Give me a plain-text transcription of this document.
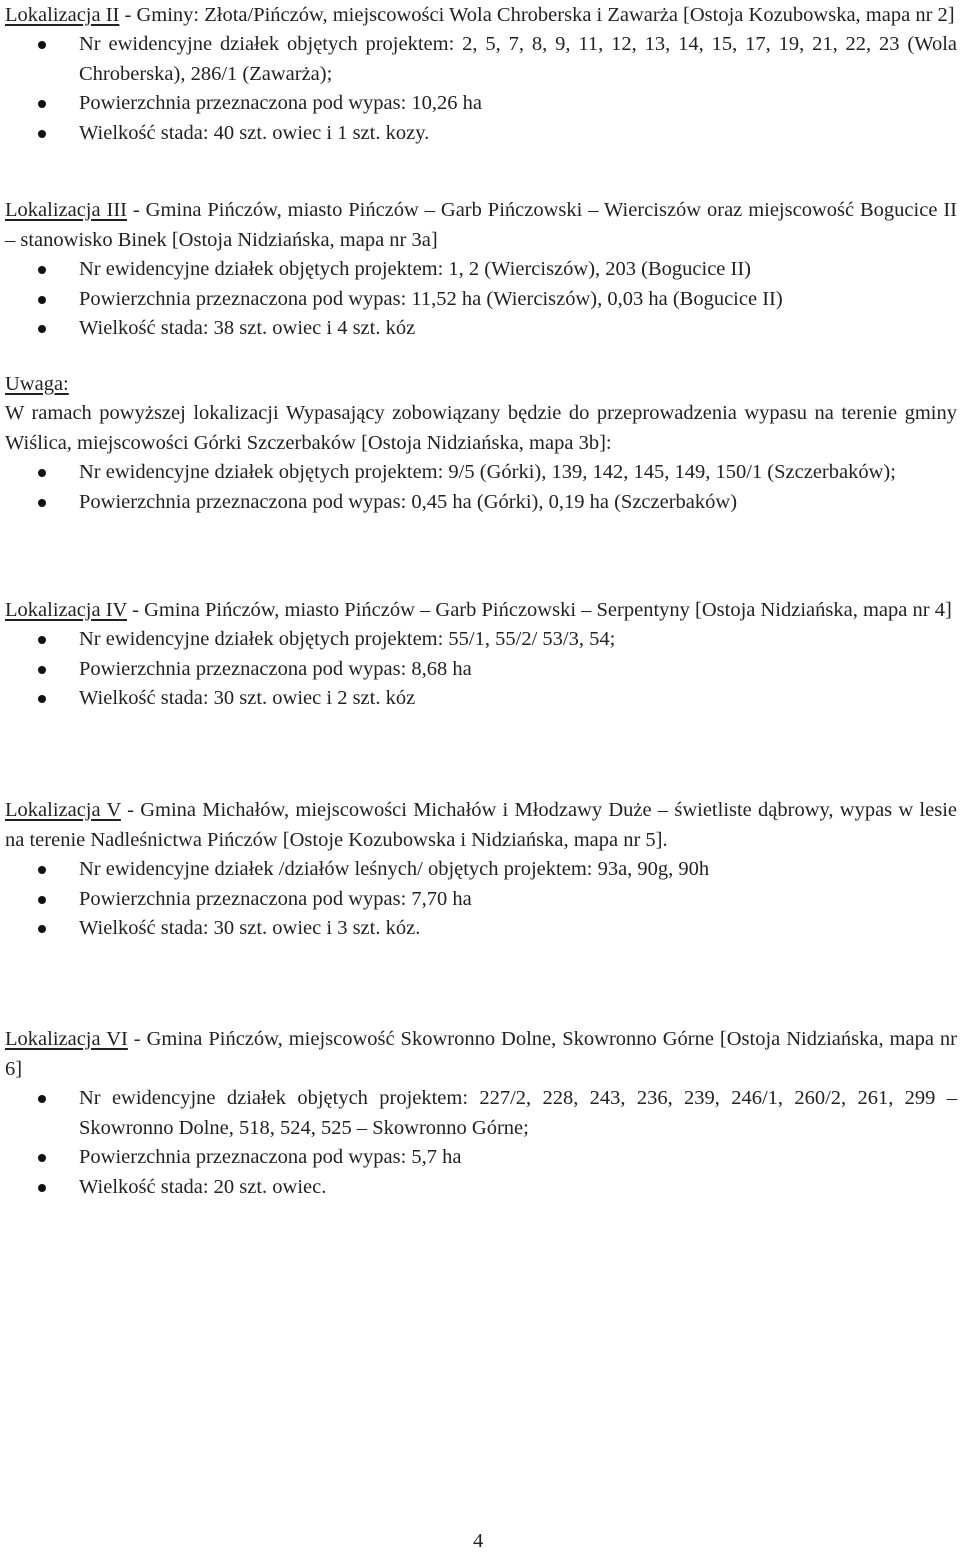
Lokalizacja II - Gminy: Złota/Pińczów, miejscowości Wola Chroberska i Zawarża [Ostoja Kozubowska, mapa nr 2]

Nr ewidencyjne działek objętych projektem: 2, 5, 7, 8, 9, 11, 12, 13, 14, 15, 17, 19, 21, 22, 23 (Wola Chroberska), 286/1 (Zawarża);
Powierzchnia przeznaczona pod wypas: 10,26 ha
Wielkość stada: 40 szt. owiec i 1 szt. kozy.

Lokalizacja III - Gmina Pińczów, miasto Pińczów – Garb Pińczowski – Wierciszów oraz miejscowość Bogucice II – stanowisko Binek [Ostoja Nidziańska, mapa nr 3a]

Nr ewidencyjne działek objętych projektem: 1, 2 (Wierciszów), 203 (Bogucice II)
Powierzchnia przeznaczona pod wypas: 11,52 ha (Wierciszów), 0,03 ha (Bogucice II)
Wielkość stada: 38 szt. owiec i 4 szt. kóz

Uwaga:

W ramach powyższej lokalizacji Wypasający zobowiązany będzie do przeprowadzenia wypasu na terenie gminy Wiślica, miejscowości Górki Szczerbaków [Ostoja Nidziańska, mapa 3b]:

Nr ewidencyjne działek objętych projektem: 9/5 (Górki), 139, 142, 145, 149, 150/1 (Szczerbaków);
Powierzchnia przeznaczona pod wypas: 0,45 ha (Górki), 0,19 ha (Szczerbaków)

Lokalizacja IV - Gmina Pińczów, miasto Pińczów – Garb Pińczowski – Serpentyny [Ostoja Nidziańska, mapa nr 4]

Nr ewidencyjne działek objętych projektem: 55/1, 55/2/ 53/3, 54;
Powierzchnia przeznaczona pod wypas: 8,68 ha
Wielkość stada: 30 szt. owiec i 2 szt. kóz

Lokalizacja V - Gmina Michałów, miejscowości Michałów i Młodzawy Duże – świetliste dąbrowy, wypas w lesie na terenie Nadleśnictwa Pińczów [Ostoje Kozubowska i Nidziańska, mapa nr 5].

Nr ewidencyjne działek /działów leśnych/ objętych projektem: 93a, 90g, 90h
Powierzchnia przeznaczona pod wypas: 7,70 ha
Wielkość stada: 30 szt. owiec i 3 szt. kóz.

Lokalizacja VI - Gmina Pińczów, miejscowość Skowronno Dolne, Skowronno Górne [Ostoja Nidziańska, mapa nr 6]

Nr ewidencyjne działek objętych projektem: 227/2, 228, 243, 236, 239, 246/1, 260/2, 261, 299 – Skowronno Dolne, 518, 524, 525 – Skowronno Górne;
Powierzchnia przeznaczona pod wypas: 5,7 ha
Wielkość stada: 20 szt. owiec.
4
